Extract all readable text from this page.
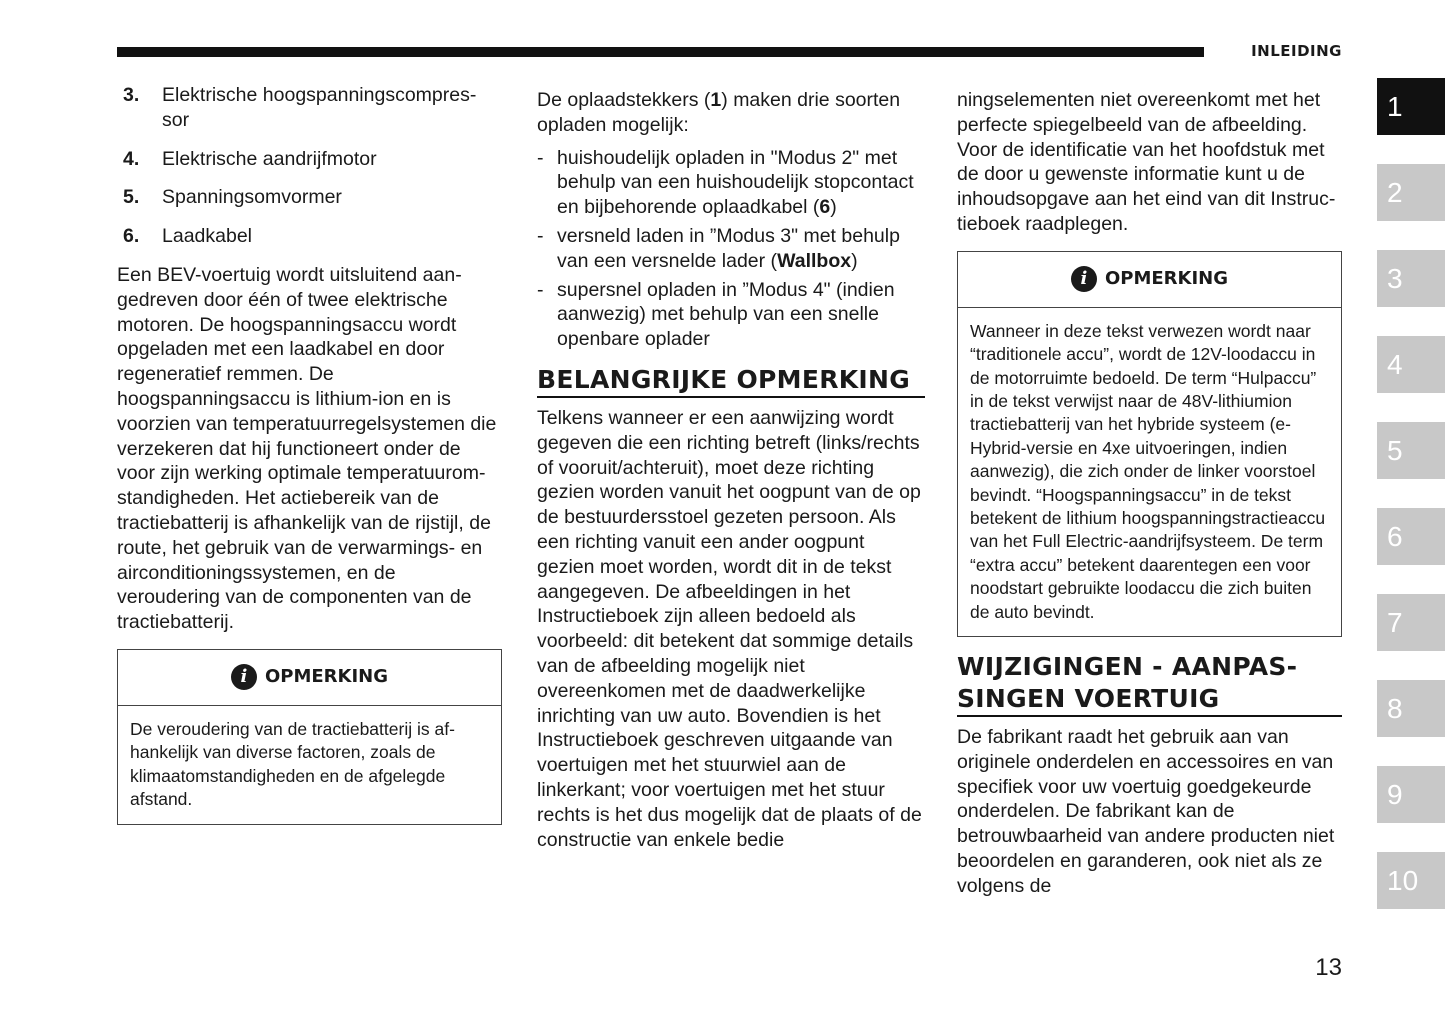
INLEIDING
3.	Elektrische hoogspanningscompressor
4.	Elektrische aandrijfmotor
5.	Spanningsomvormer
6.	Laadkabel

Een BEV-voertuig wordt uitsluitend aangedreven door één of twee elektrische motoren. De hoogspanningsaccu wordt opgeladen met een laadkabel en door regeneratief remmen. De hoogspanningsaccu is lithium-ion en is voorzien van temperatuurregelsystemen die verzekeren dat hij functioneert onder de voor zijn werking optimale temperatuuromstandigheden. Het actiebereik van de tractiebatterij is afhankelijk van de rijstijl, de route, het gebruik van de verwarmings- en airconditioningssystemen, en de veroudering van de componenten van de tractiebatterij.

i OPMERKING
De veroudering van de tractiebatterij is afhankelijk van diverse factoren, zoals de klimaatomstandigheden en de afgelegde afstand.

De oplaadstekkers (1) maken drie soorten opladen mogelijk:

- huishoudelijk opladen in "Modus 2" met behulp van een huishoudelijk stopcontact en bijbehorende oplaadkabel (6)
- versneld laden in ”Modus 3" met behulp van een versnelde lader (Wallbox)
- supersnel opladen in ”Modus 4" (indien aanwezig) met behulp van een snelle openbare oplader
BELANGRIJKE OPMERKING

Telkens wanneer er een aanwijzing wordt gegeven die een richting betreft (links/rechts of vooruit/achteruit), moet deze richting gezien worden vanuit het oogpunt van de op de bestuurdersstoel gezeten persoon. Als een richting vanuit een ander oogpunt gezien moet worden, wordt dit in de tekst aangegeven. De afbeeldingen in het Instructieboek zijn alleen bedoeld als voorbeeld: dit betekent dat sommige details van de afbeelding mogelijk niet overeenkomen met de daadwerkelijke inrichting van uw auto. Bovendien is het Instructieboek geschreven uitgaande van voertuigen met het stuurwiel aan de linkerkant; voor voertuigen met het stuur rechts is het dus mogelijk dat de plaats of de constructie van enkele bedie

ningselementen niet overeenkomt met het perfecte spiegelbeeld van de afbeelding. Voor de identificatie van het hoofdstuk met de door u gewenste informatie kunt u de inhoudsopgave aan het eind van dit Instructieboek raadplegen.

i OPMERKING
Wanneer in deze tekst verwezen wordt naar “traditionele accu”, wordt de 12V-loodaccu in de motorruimte bedoeld. De term “Hulpaccu” in de tekst verwijst naar de 48V-lithiumion tractiebatterij van het hybride systeem (e-Hybrid-versie en 4xe uitvoeringen, indien aanwezig), die zich onder de linker voorstoel bevindt. “Hoogspanningsaccu” in de tekst betekent de lithium hoogspanningstractieaccu van het Full Electric-aandrijfsysteem. De term “extra accu” betekent daarentegen een voor noodstart gebruikte loodaccu die zich buiten de auto bevindt.
WIJZIGINGEN - AANPASSINGEN VOERTUIG

De fabrikant raadt het gebruik aan van originele onderdelen en accessoires en van specifiek voor uw voertuig goedgekeurde onderdelen. De fabrikant kan de betrouwbaarheid van andere producten niet beoordelen en garanderen, ook niet als ze volgens de

13
1
2
3
4
5
6
7
8
9
10
